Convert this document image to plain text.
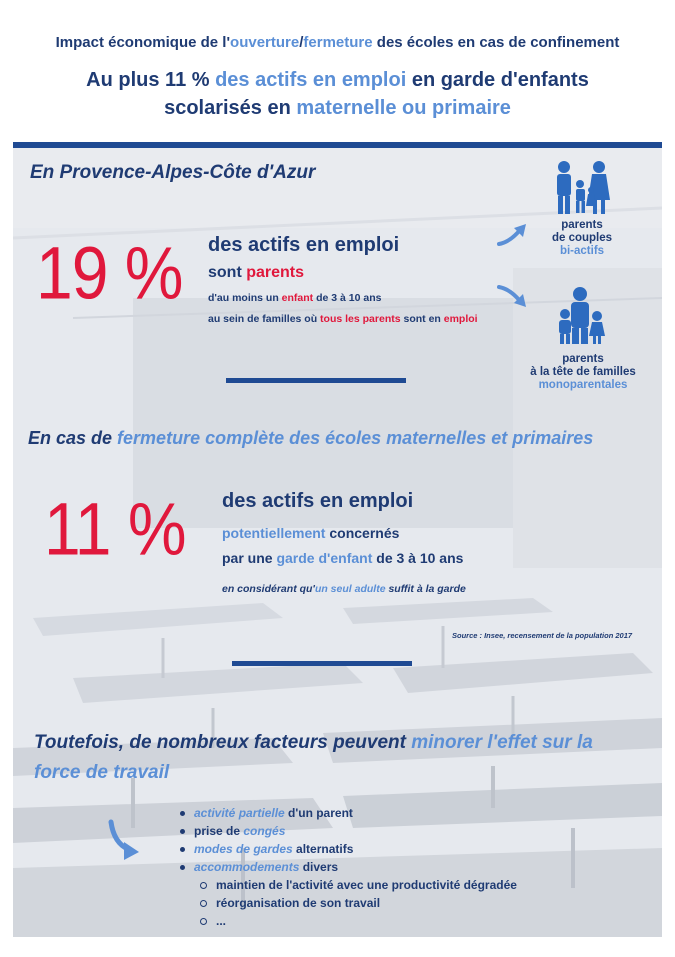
Impact économique de l'ouverture/fermeture des écoles en cas de confinement
Au plus 11 % des actifs en emploi en garde d'enfants
scolarisés en maternelle ou primaire
En Provence-Alpes-Côte d'Azur
19 % des actifs en emploi
sont parents
d'au moins un enfant de 3 à 10 ans
au sein de familles où tous les parents sont en emploi
parents
de couples
bi-actifs
parents
à la tête de familles
monoparentales
En cas de fermeture complète des écoles maternelles et primaires
11 % des actifs en emploi
potentiellement concernés
par une garde d'enfant de 3 à 10 ans
en considérant qu'un seul adulte suffit à la garde
Source : Insee, recensement de la population 2017
Toutefois, de nombreux facteurs peuvent minorer l'effet sur la
force de travail
activité partielle d'un parent
prise de congés
modes de gardes alternatifs
accommodements divers
maintien de l'activité avec une productivité dégradée
réorganisation de son travail
...
